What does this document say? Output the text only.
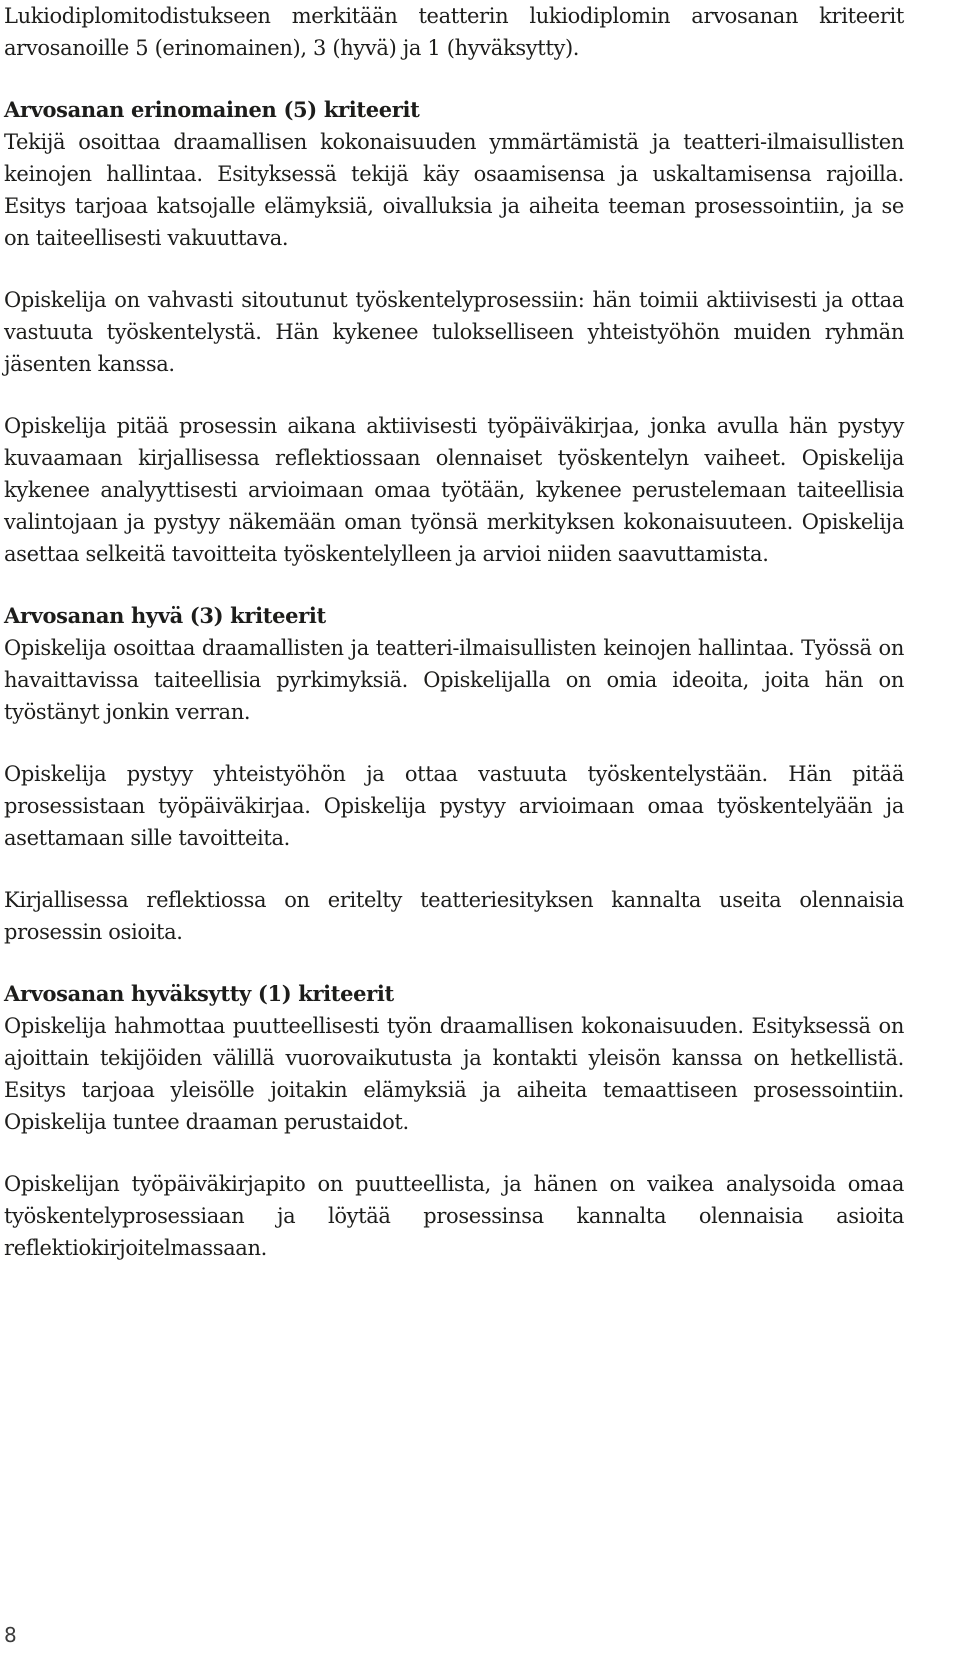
Lukiodiplomitodistukseen merkitään teatterin lukiodiplomin arvosanan kriteerit arvosanoille 5 (erinomainen), 3 (hyvä) ja 1 (hyväksytty).

Arvosanan erinomainen (5) kriteerit

Tekijä osoittaa draamallisen kokonaisuuden ymmärtämistä ja teatteri-ilmaisullisten keinojen hallintaa. Esityksessä tekijä käy osaamisensa ja uskaltamisensa rajoilla. Esitys tarjoaa katsojalle elämyksiä, oivalluksia ja aiheita teeman prosessointiin, ja se on taiteellisesti vakuuttava.

Opiskelija on vahvasti sitoutunut työskentelyprosessiin: hän toimii aktiivisesti ja ottaa vastuuta työskentelystä. Hän kykenee tulokselliseen yhteistyöhön muiden ryhmän jäsenten kanssa.

Opiskelija pitää prosessin aikana aktiivisesti työpäiväkirjaa, jonka avulla hän pystyy kuvaamaan kirjallisessa reflektiossaan olennaiset työskentelyn vaiheet. Opiskelija kykenee analyyttisesti arvioimaan omaa työtään, kykenee perustelemaan taiteellisia valintojaan ja pystyy näkemään oman työnsä merkityksen kokonaisuuteen. Opiskelija asettaa selkeitä tavoitteita työskentelylleen ja arvioi niiden saavuttamista.

Arvosanan hyvä (3) kriteerit

Opiskelija osoittaa draamallisten ja teatteri-ilmaisullisten keinojen hallintaa. Työssä on havaittavissa taiteellisia pyrkimyksiä. Opiskelijalla on omia ideoita, joita hän on työstänyt jonkin verran.

Opiskelija pystyy yhteistyöhön ja ottaa vastuuta työskentelystään. Hän pitää prosessistaan työpäiväkirjaa. Opiskelija pystyy arvioimaan omaa työskentelyään ja asettamaan sille tavoitteita.

Kirjallisessa reflektiossa on eritelty teatteriesityksen kannalta useita olennaisia prosessin osioita.

Arvosanan hyväksytty (1) kriteerit

Opiskelija hahmottaa puutteellisesti työn draamallisen kokonaisuuden. Esityksessä on ajoittain tekijöiden välillä vuorovaikutusta ja kontakti yleisön kanssa on hetkellistä. Esitys tarjoaa yleisölle joitakin elämyksiä ja aiheita temaattiseen prosessointiin. Opiskelija tuntee draaman perustaidot.

Opiskelijan työpäiväkirjapito on puutteellista, ja hänen on vaikea analysoida omaa työskentelyprosessiaan ja löytää prosessinsa kannalta olennaisia asioita reflektiokirjoitelmassaan.

8
